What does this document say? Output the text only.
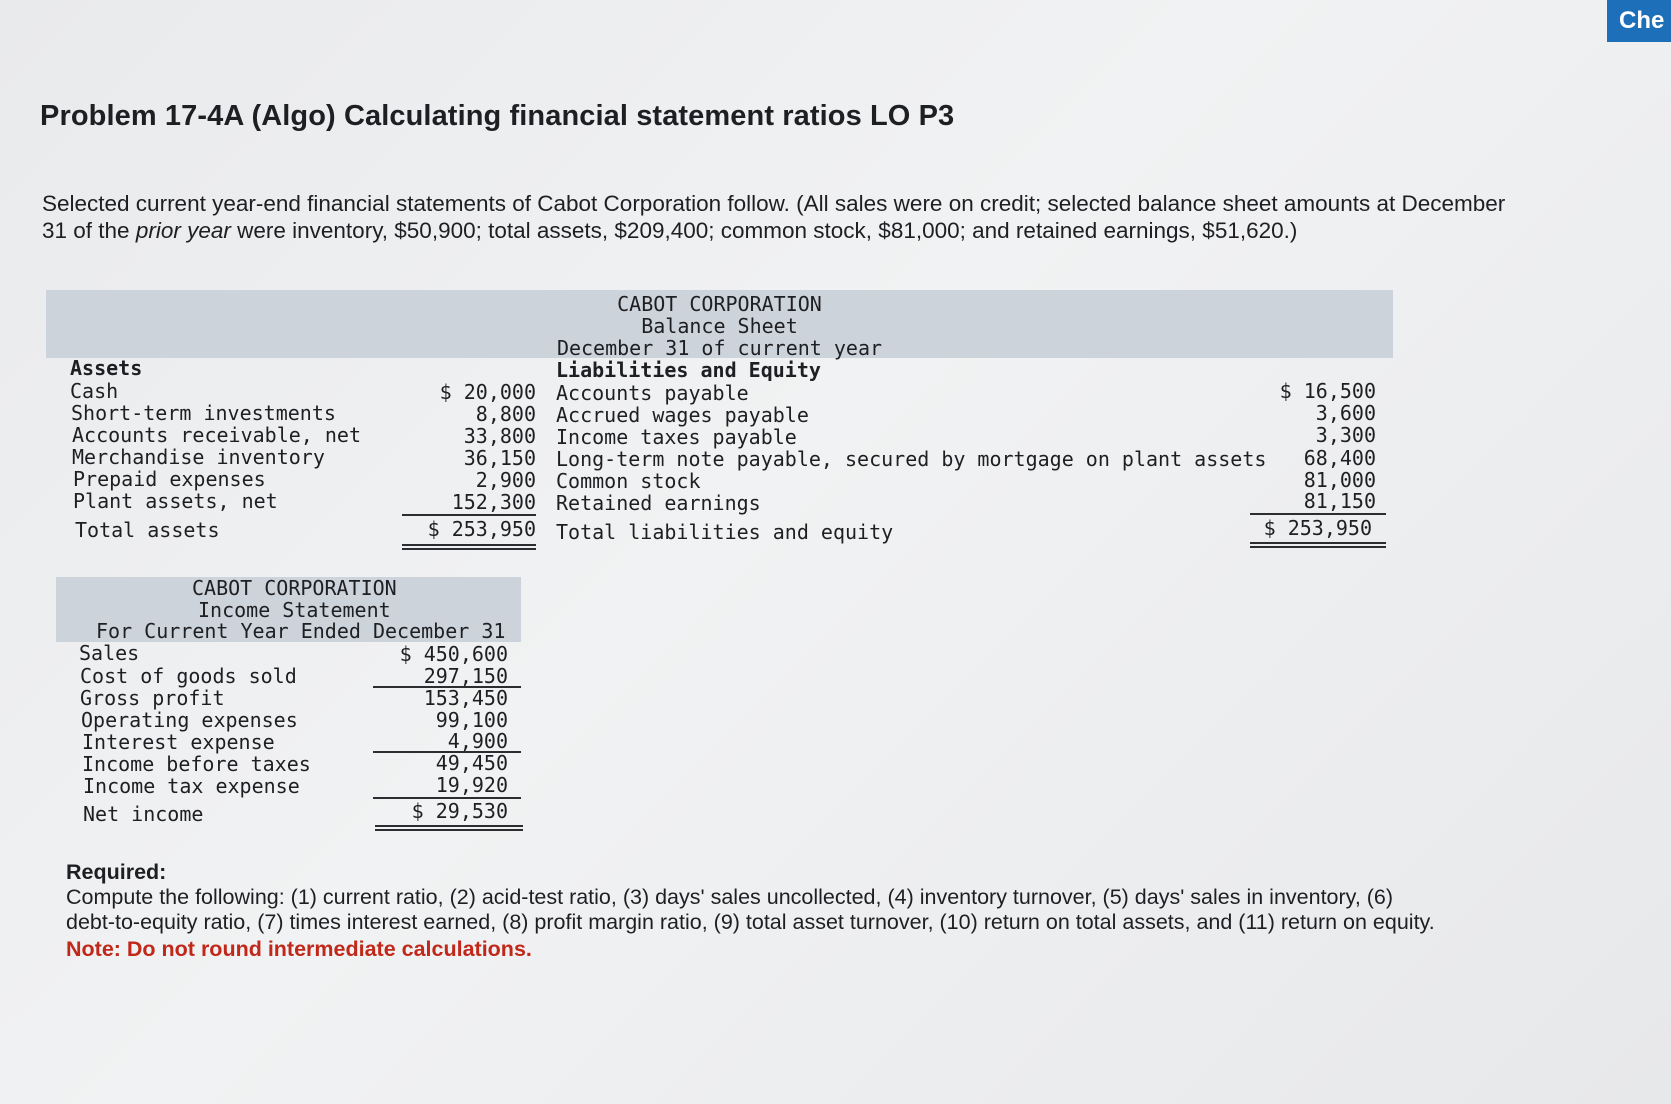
Che
Problem 17-4A (Algo) Calculating financial statement ratios LO P3

Selected current year-end financial statements of Cabot Corporation follow. (All sales were on credit; selected balance sheet amounts at December 31 of the prior year were inventory, $50,900; total assets, $209,400; common stock, $81,000; and retained earnings, $51,620.)

CABOT CORPORATION
Balance Sheet
December 31 of current year
Assets	Liabilities and Equity
Cash	$ 20,000
Short-term investments	8,800
Accounts receivable, net	33,800
Merchandise inventory	36,150
Prepaid expenses	2,900
Plant assets, net	152,300
Total assets	$ 253,950
Accounts payable	$ 16,500
Accrued wages payable	3,600
Income taxes payable	3,300
Long-term note payable, secured by mortgage on plant assets	68,400
Common stock	81,000
Retained earnings	81,150
Total liabilities and equity	$ 253,950
CABOT CORPORATION
Income Statement
For Current Year Ended December 31
Sales	$ 450,600
Cost of goods sold	297,150
Gross profit	153,450
Operating expenses	99,100
Interest expense	4,900
Income before taxes	49,450
Income tax expense	19,920
Net income	$ 29,530
Required:
Compute the following: (1) current ratio, (2) acid-test ratio, (3) days' sales uncollected, (4) inventory turnover, (5) days' sales in inventory, (6) debt-to-equity ratio, (7) times interest earned, (8) profit margin ratio, (9) total asset turnover, (10) return on total assets, and (11) return on equity.
Note: Do not round intermediate calculations.
